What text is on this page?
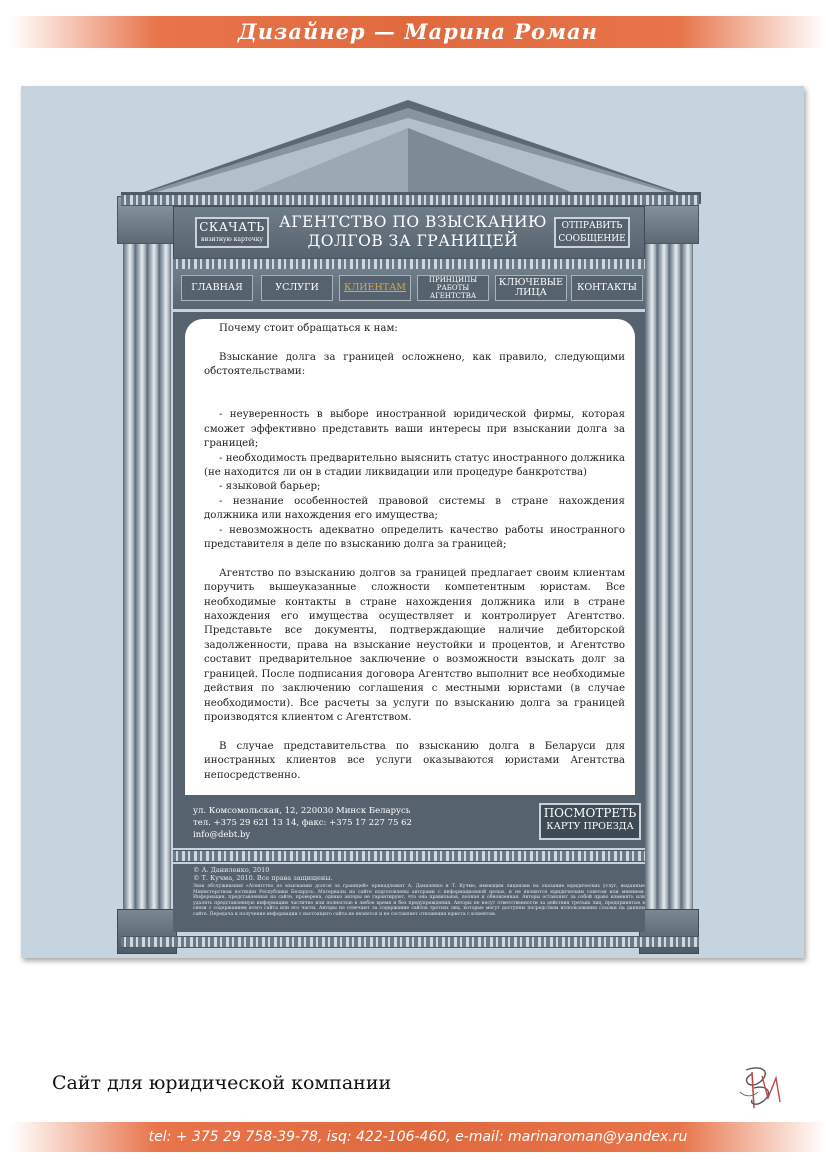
Дизайнер — Марина Роман
СКАЧАТЬ
визитную карточку
АГЕНТСТВО ПО ВЗЫСКАНИЮ
ДОЛГОВ ЗА ГРАНИЦЕЙ
ОТПРАВИТЬ
СООБЩЕНИЕ
ГЛАВНАЯ	УСЛУГИ	КЛИЕНТАМ
ПРИНЦИПЫ РАБОТЫ АГЕНТСТВА
КЛЮЧЕВЫЕ ЛИЦА	КОНТАКТЫ

Почему стоит обращаться к нам:

Взыскание долга за границей осложнено, как правило, следующими обстоятельствами:

- неуверенность в выборе иностранной юридической фирмы, которая сможет эффективно представить ваши интересы при взыскании долга за границей;

- необходимость предварительно выяснить статус иностранного должника (не находится ли он в стадии ликвидации или процедуре банкротства)

- языковой барьер;

- незнание особенностей правовой системы в стране нахождения должника или нахождения его имущества;

- невозможность адекватно определить качество работы иностранного представителя в деле по взысканию долга за границей;

Агентство по взысканию долгов за границей предлагает своим клиентам поручить вышеуказанные сложности компетентным юристам. Все необходимые контакты в стране нахождения должника или в стране нахождения его имущества осуществляет и контролирует Агентство. Представьте все документы, подтверждающие наличие дебиторской задолженности, права на взыскание неустойки и процентов, и Агентство составит предварительное заключение о возможности взыскать долг за границей. После подписания договора Агентство выполнит все необходимые действия по заключению соглашения с местными юристами (в случае необходимости). Все расчеты за услуги по взысканию долга за границей производятся клиентом с Агентством.

В случае представительства по взысканию долга в Беларуси для иностранных клиентов все услуги оказываются юристами Агентства непосредственно.

ул. Комсомольская, 12, 220030 Минск Беларусь
тел. +375 29 621 13 14, факс: +375 17 227 75 62
info@debt.by
ПОСМОТРЕТЬ
КАРТУ ПРОЕЗДА
© А. Даниленко, 2010
© Т. Кучма, 2010. Все права защищены.
Знак обслуживания «Агентство по взысканию долгов за границей» принадлежит А. Даниленко и Т. Кучме, имеющим лицензии на оказание юридических услуг, выданные Министерством юстиции Республики Беларусь. Материалы на сайте подготовлены авторами с информационной целью, и не являются юридическим советом или мнением. Информация, представленная на сайте, проверена, однако авторы не гарантируют, что она правильная, полная и обновленная. Авторы оставляют за собой право изменять или удалять представленную информацию частично или полностью в любое время и без предупреждения. Авторы не несут ответственности за действия третьих лиц, предпринятые в связи с содержанием всего сайта или его части. Авторы не отвечают за содержание сайтов третьих лиц, которые могут доступны посредством использования ссылки на данном сайте. Передача и получение информации с настоящего сайта не является и не составляет отношения юриста с клиентом.
Сайт для юридической компании
tel: + 375 29 758-39-78, isq: 422-106-460, e-mail: marinaroman@yandex.ru
